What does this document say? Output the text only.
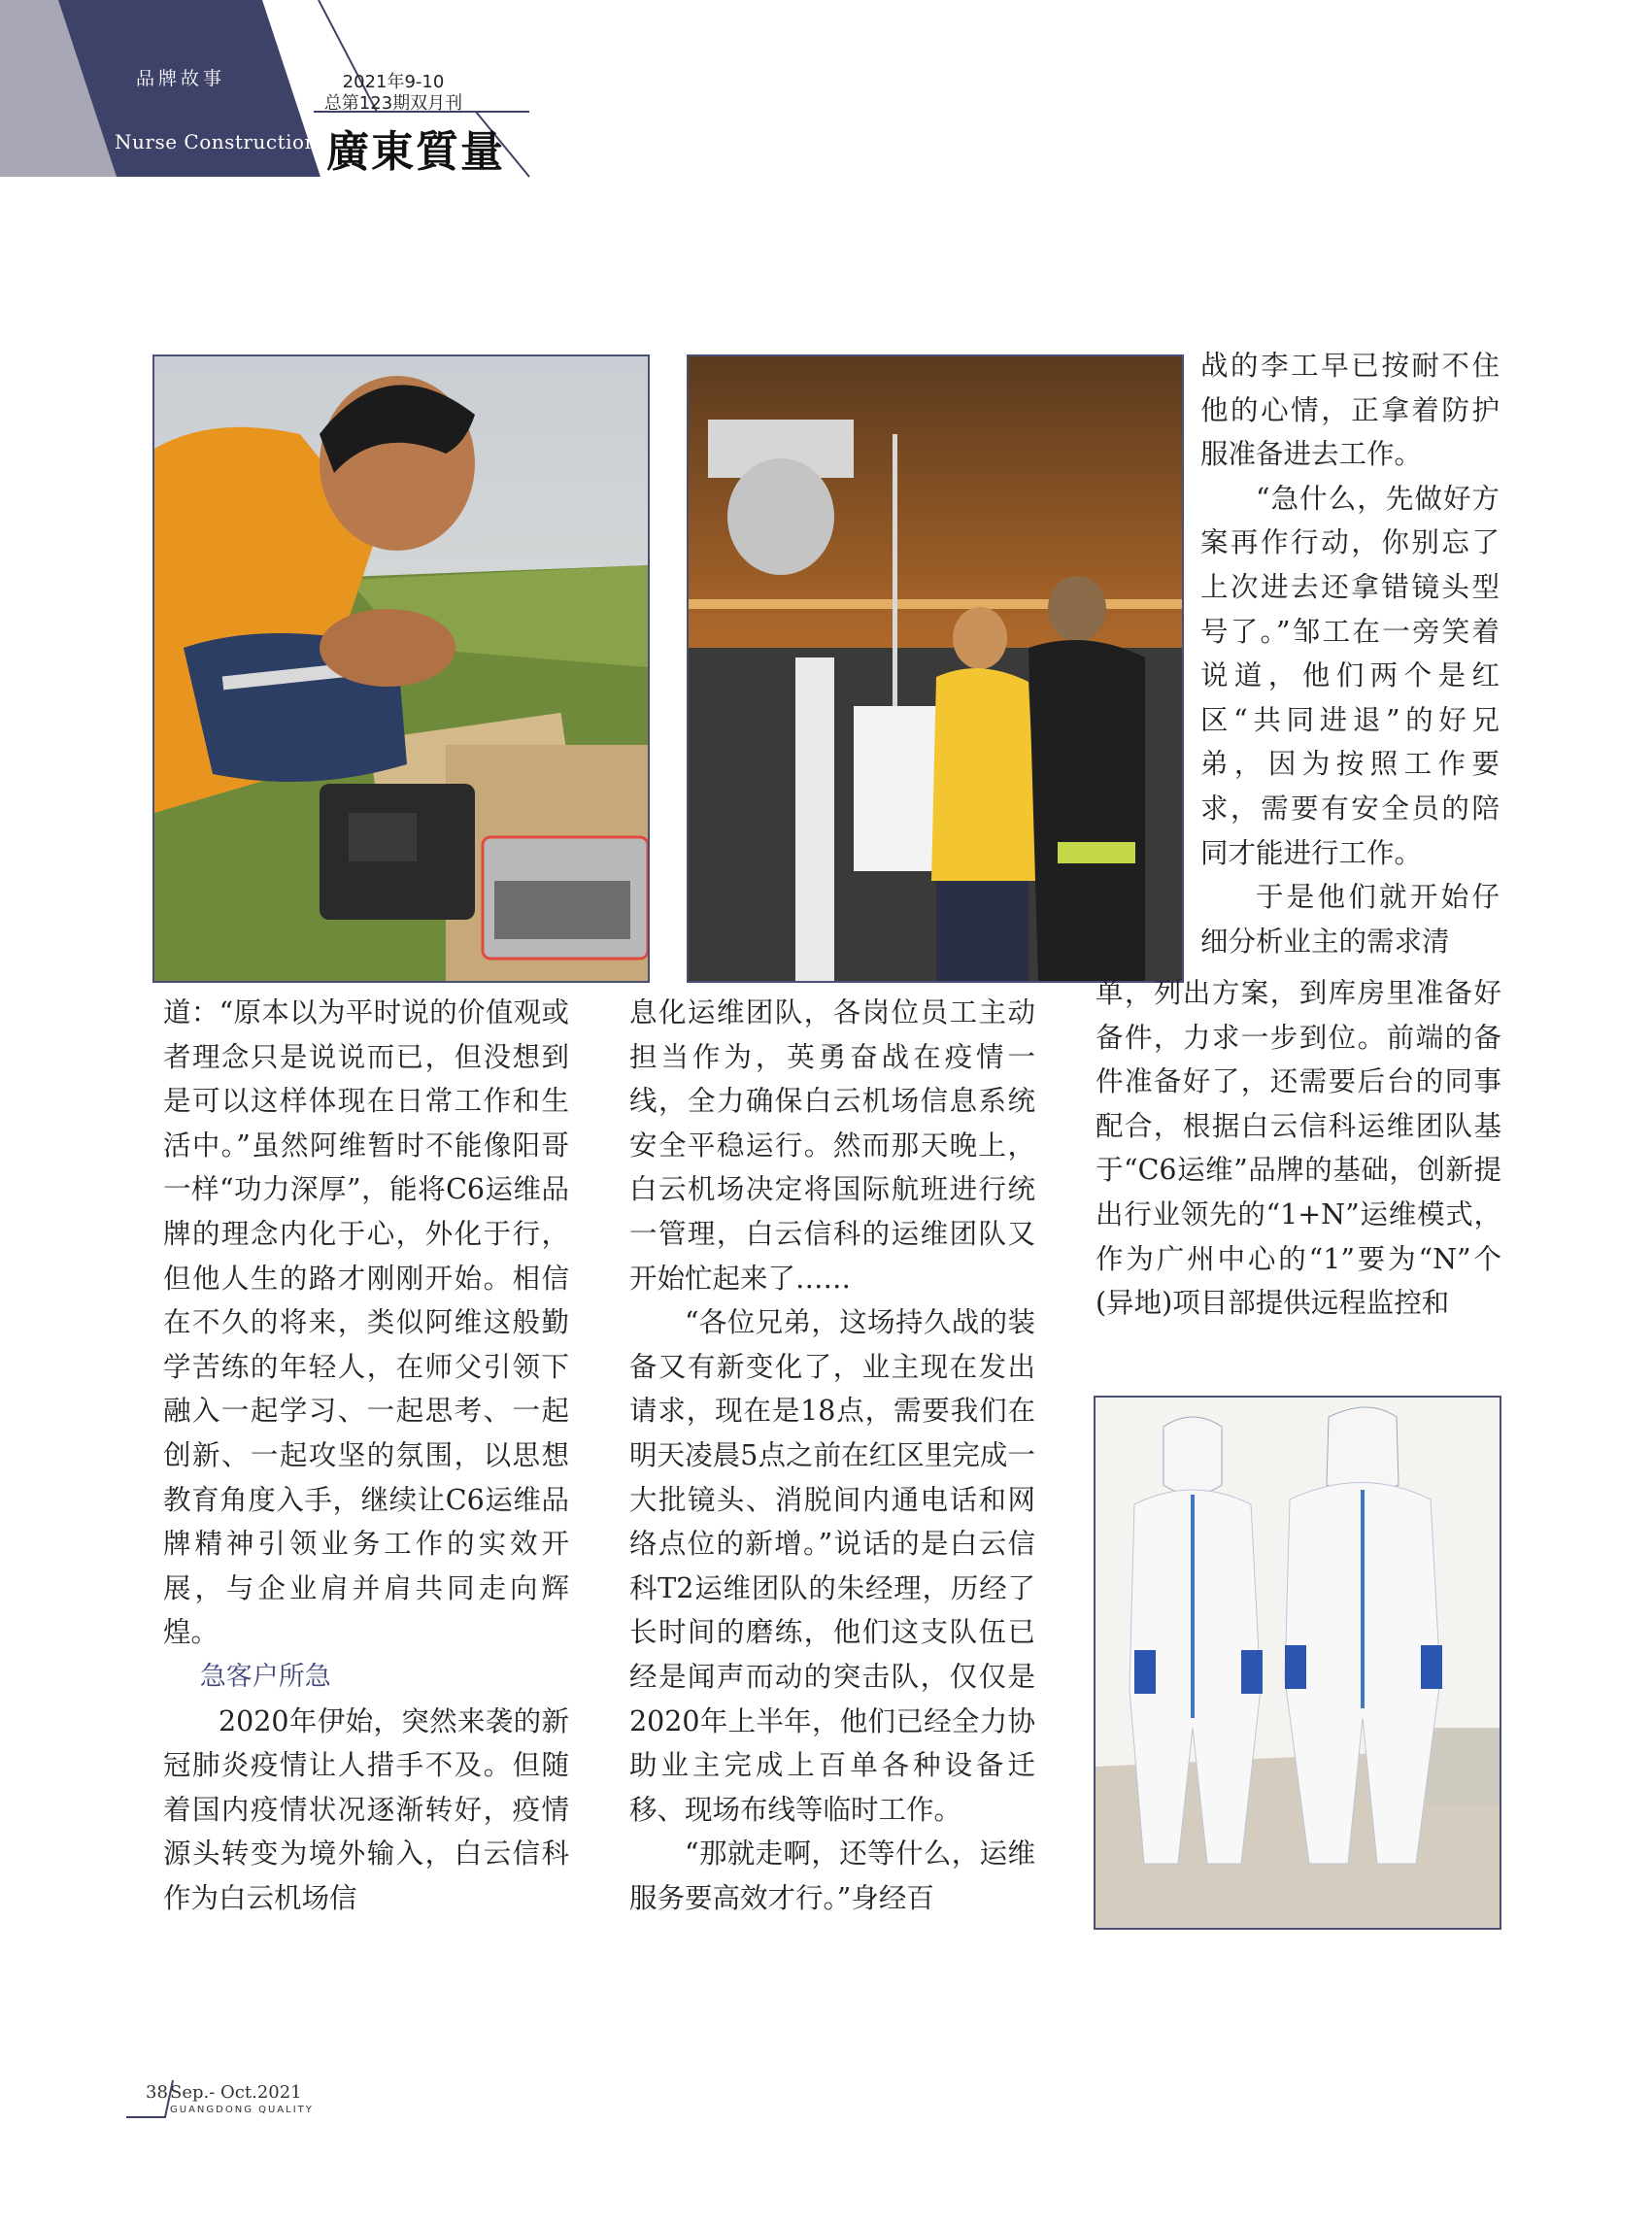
品牌故事	2021年9-10
总第123期双月刊
Nurse Construction 廣東質量

道：“原本以为平时说的价值观或者理念只是说说而已，但没想到是可以这样体现在日常工作和生活中。”虽然阿维暂时不能像阳哥一样“功力深厚”，能将C6运维品牌的理念内化于心，外化于行，但他人生的路才刚刚开始。相信在不久的将来，类似阿维这般勤学苦练的年轻人，在师父引领下融入一起学习、一起思考、一起创新、一起攻坚的氛围，以思想教育角度入手，继续让C6运维品牌精神引领业务工作的实效开展，与企业肩并肩共同走向辉煌。

急客户所急

2020年伊始，突然来袭的新冠肺炎疫情让人措手不及。但随着国内疫情状况逐渐转好，疫情源头转变为境外输入，白云信科作为白云机场信

息化运维团队，各岗位员工主动担当作为，英勇奋战在疫情一线，全力确保白云机场信息系统安全平稳运行。然而那天晚上，白云机场决定将国际航班进行统一管理，白云信科的运维团队又开始忙起来了……

“各位兄弟，这场持久战的装备又有新变化了，业主现在发出请求，现在是18点，需要我们在明天凌晨5点之前在红区里完成一大批镜头、消脱间内通电话和网络点位的新增。”说话的是白云信科T2运维团队的朱经理，历经了长时间的磨练，他们这支队伍已经是闻声而动的突击队，仅仅是2020年上半年，他们已经全力协助业主完成上百单各种设备迁移、现场布线等临时工作。

“那就走啊，还等什么，运维服务要高效才行。”身经百

战的李工早已按耐不住他的心情，正拿着防护服准备进去工作。

“急什么，先做好方案再作行动，你别忘了上次进去还拿错镜头型号了。”邹工在一旁笑着说道，他们两个是红区“共同进退”的好兄弟，因为按照工作要求，需要有安全员的陪同才能进行工作。

于是他们就开始仔细分析业主的需求清

单，列出方案，到库房里准备好备件，力求一步到位。前端的备件准备好了，还需要后台的同事配合，根据白云信科运维团队基于“C6运维”品牌的基础，创新提出行业领先的“1+N”运维模式，作为广州中心的“1”要为“N”个(异地)项目部提供远程监控和

38 Sep.- Oct.2021
GUANGDONG QUALITY
